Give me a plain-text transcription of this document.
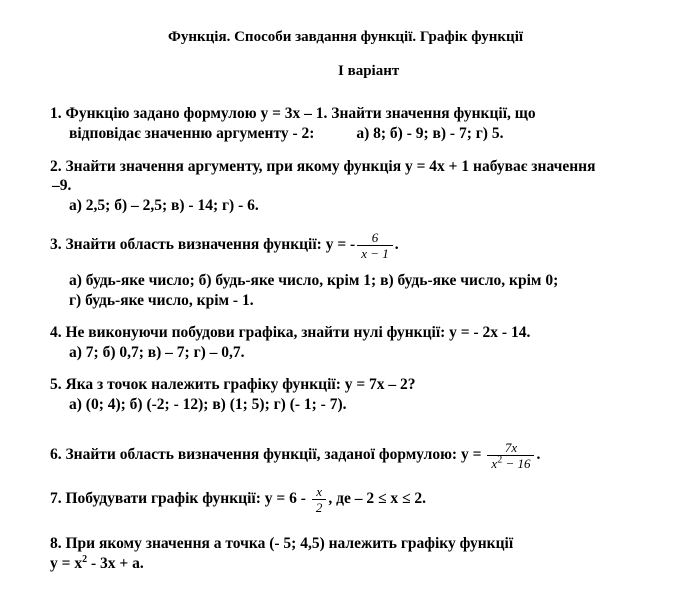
Функція. Способи завдання функції. Графік функції
І варіант
1. Функцію задано формулою y = 3х – 1. Знайти значення функції, що
відповідає значенню аргументу - 2:	а) 8; б) - 9; в) - 7; г) 5.
2. Знайти значення аргументу, при якому функція у = 4х + 1 набуває значення
–9.
а) 2,5; б) – 2,5; в) - 14; г) - 6.
3. Знайти область визначення функції: у = - $\frac{6}{x - 1}$ .
а) будь-яке число; б) будь-яке число, крім 1; в) будь-яке число, крім 0;
г) будь-яке число, крім - 1.
4. Не виконуючи побудови графіка, знайти нулі функції: у = - 2х - 14.
а) 7; б) 0,7; в) – 7; г) – 0,7.
5. Яка з точок належить графіку функції: у = 7х – 2?
а) (0; 4); б) (-2; - 12); в) (1; 5); г) (- 1; - 7).
6. Знайти область визначення функції, заданої формулою: $у = \frac{7x}{x^2 - 16}$ .
7. Побудувати графік функції: $у = 6 - \frac{x}{2}$ , де – 2 ≤ х ≤ 2.
8. При якому значення а точка (- 5; 4,5) належить графіку функції
$у = х^2 - 3х + а$.
